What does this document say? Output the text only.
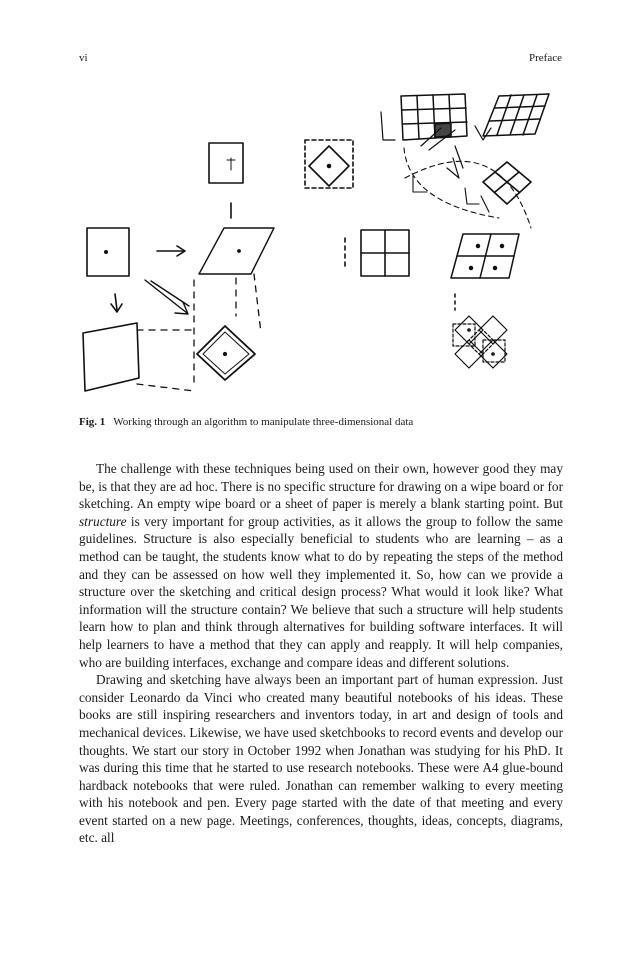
vi	Preface
Fig. 1 Working through an algorithm to manipulate three-dimensional data

The challenge with these techniques being used on their own, however good they may be, is that they are ad hoc. There is no specific structure for drawing on a wipe board or for sketching. An empty wipe board or a sheet of paper is merely a blank starting point. But structure is very important for group activities, as it allows the group to follow the same guidelines. Structure is also especially beneficial to students who are learning – as a method can be taught, the students know what to do by repeating the steps of the method and they can be assessed on how well they implemented it. So, how can we provide a structure over the sketching and critical design process? What would it look like? What information will the structure contain? We believe that such a structure will help students learn how to plan and think through alternatives for building software interfaces. It will help learners to have a method that they can apply and reapply. It will help companies, who are building interfaces, exchange and compare ideas and different solutions.

Drawing and sketching have always been an important part of human expression. Just consider Leonardo da Vinci who created many beautiful notebooks of his ideas. These books are still inspiring researchers and inventors today, in art and design of tools and mechanical devices. Likewise, we have used sketchbooks to record events and develop our thoughts. We start our story in October 1992 when Jonathan was studying for his PhD. It was during this time that he started to use research notebooks. These were A4 glue-bound hardback notebooks that were ruled. Jonathan can remember walking to every meeting with his notebook and pen. Every page started with the date of that meeting and every event started on a new page. Meetings, conferences, thoughts, ideas, concepts, diagrams, etc. all
